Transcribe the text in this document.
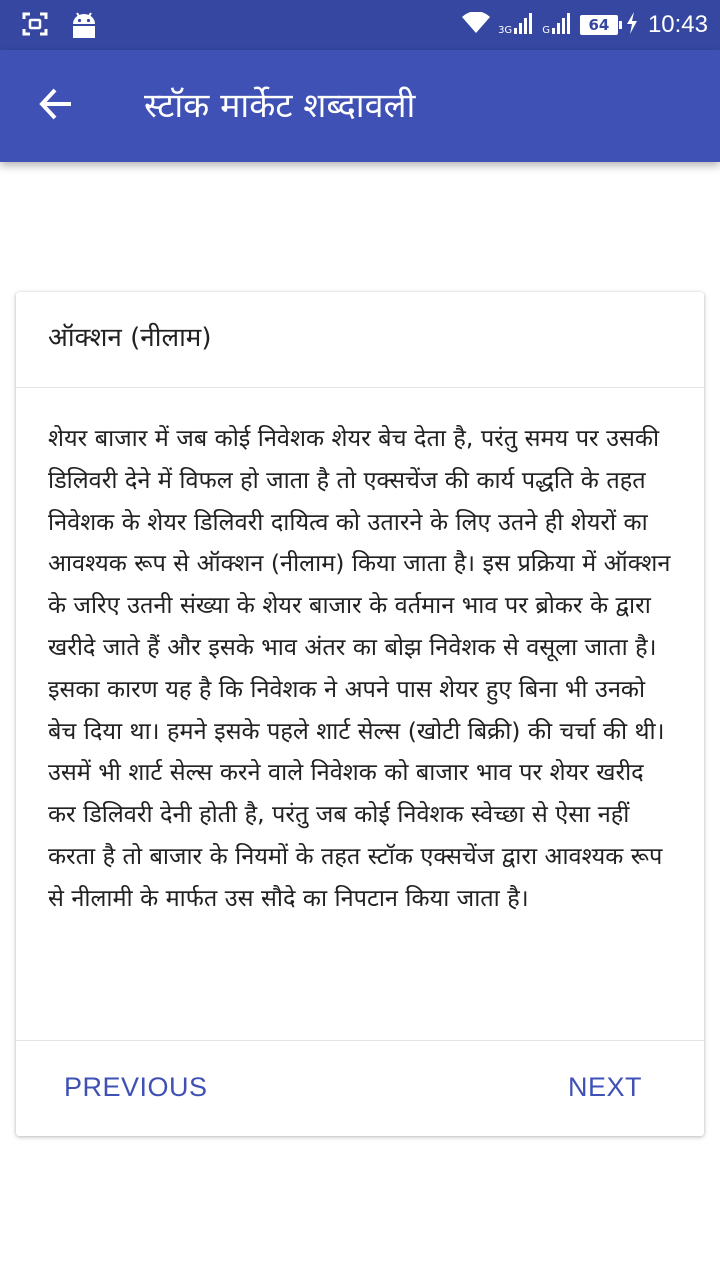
3G	G	64	10:43
स्टॉक मार्केट शब्दावली
ऑक्शन (नीलाम)
शेयर बाजार में जब कोई निवेशक शेयर बेच देता है, परंतु समय पर उसकी डिलिवरी देने में विफल हो जाता है तो एक्सचेंज की कार्य पद्धति के तहत निवेशक के शेयर डिलिवरी दायित्व को उतारने के लिए उतने ही शेयरों का आवश्यक रूप से ऑक्शन (नीलाम) किया जाता है। इस प्रक्रिया में ऑक्शन के जरिए उतनी संख्या के शेयर बाजार के वर्तमान भाव पर ब्रोकर के द्वारा खरीदे जाते हैं और इसके भाव अंतर का बोझ निवेशक से वसूला जाता है। इसका कारण यह है कि निवेशक ने अपने पास शेयर हुए बिना भी उनको बेच दिया था। हमने इसके पहले शार्ट सेल्स (खोटी बिक्री) की चर्चा की थी। उसमें भी शार्ट सेल्स करने वाले निवेशक को बाजार भाव पर शेयर खरीद कर डिलिवरी देनी होती है, परंतु जब कोई निवेशक स्वेच्छा से ऐसा नहीं करता है तो बाजार के नियमों के तहत स्टॉक एक्सचेंज द्वारा आवश्यक रूप से नीलामी के मार्फत उस सौदे का निपटान किया जाता है।
PREVIOUS	NEXT
